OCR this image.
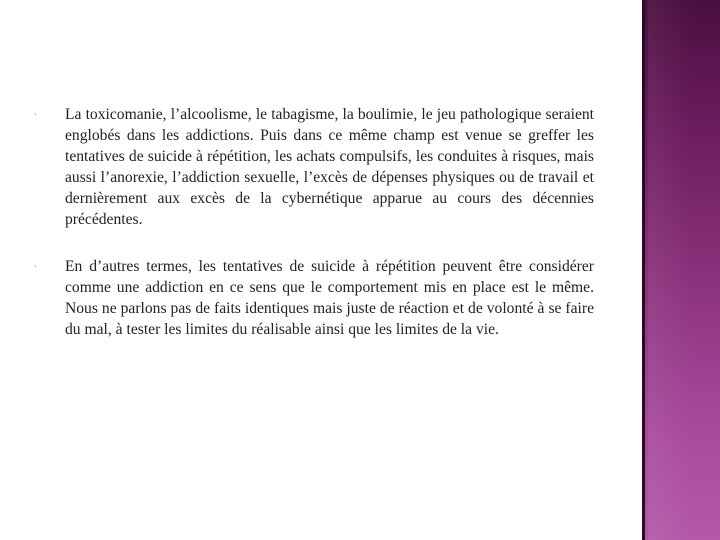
· La toxicomanie, l’alcoolisme, le tabagisme, la boulimie, le jeu pathologique seraient englobés dans les addictions. Puis dans ce même champ est venue se greffer les tentatives de suicide à répétition, les achats compulsifs, les conduites à risques, mais aussi l’anorexie, l’addiction sexuelle, l’excès de dépenses physiques ou de travail et dernièrement aux excès de la cybernétique apparue au cours des décennies précédentes.

· En d’autres termes, les tentatives de suicide à répétition peuvent être considérer comme une addiction en ce sens que le comportement mis en place est le même. Nous ne parlons pas de faits identiques mais juste de réaction et de volonté à se faire du mal, à tester les limites du réalisable ainsi que les limites de la vie.
